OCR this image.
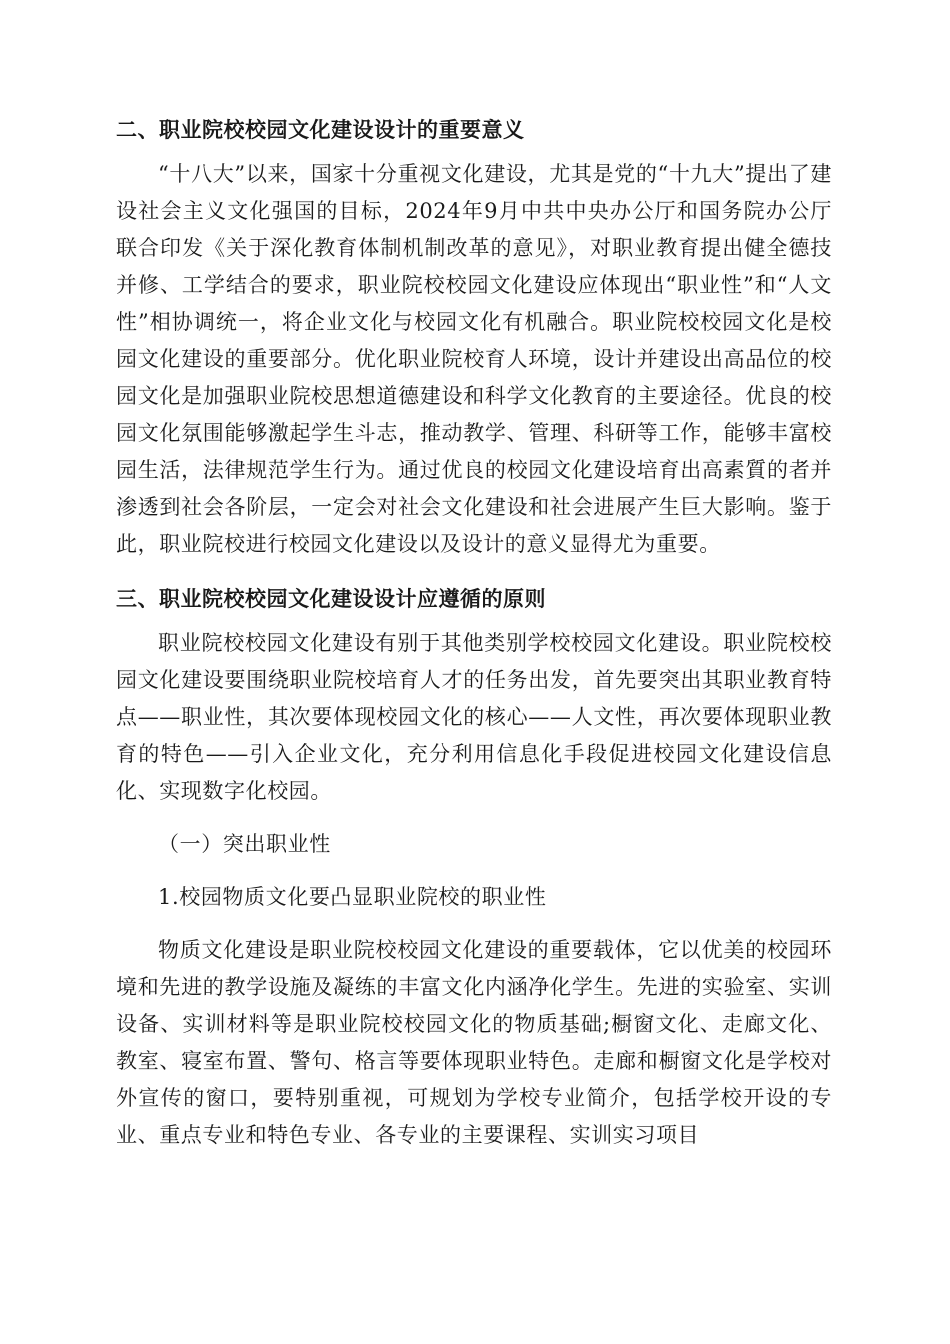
二、职业院校校园文化建设设计的重要意义

“十八大”以来，国家十分重视文化建设，尤其是党的“十九大”提出了建设社会主义文化强国的目标，2024年9月中共中央办公厅和国务院办公厅联合印发《关于深化教育体制机制改革的意见》，对职业教育提出健全德技并修、工学结合的要求，职业院校校园文化建设应体现出“职业性”和“人文性”相协调统一，将企业文化与校园文化有机融合。职业院校校园文化是校园文化建设的重要部分。优化职业院校育人环境，设计并建设出高品位的校园文化是加强职业院校思想道德建设和科学文化教育的主要途径。优良的校园文化氛围能够激起学生斗志，推动教学、管理、科研等工作，能够丰富校园生活，法律规范学生行为。通过优良的校园文化建设培育出高素質的者并渗透到社会各阶层，一定会对社会文化建设和社会进展产生巨大影响。鉴于此，职业院校进行校园文化建设以及设计的意义显得尤为重要。

三、职业院校校园文化建设设计应遵循的原则

职业院校校园文化建设有别于其他类别学校校园文化建设。职业院校校园文化建设要围绕职业院校培育人才的任务出发，首先要突出其职业教育特点——职业性，其次要体现校园文化的核心——人文性，再次要体现职业教育的特色——引入企业文化，充分利用信息化手段促进校园文化建设信息化、实现数字化校园。

（一）突出职业性

1.校园物质文化要凸显职业院校的职业性

物质文化建设是职业院校校园文化建设的重要载体，它以优美的校园环境和先进的教学设施及凝练的丰富文化内涵净化学生。先进的实验室、实训设备、实训材料等是职业院校校园文化的物质基础;橱窗文化、走廊文化、教室、寝室布置、警句、格言等要体现职业特色。走廊和橱窗文化是学校对外宣传的窗口，要特别重视，可规划为学校专业简介，包括学校开设的专业、重点专业和特色专业、各专业的主要课程、实训实习项目
